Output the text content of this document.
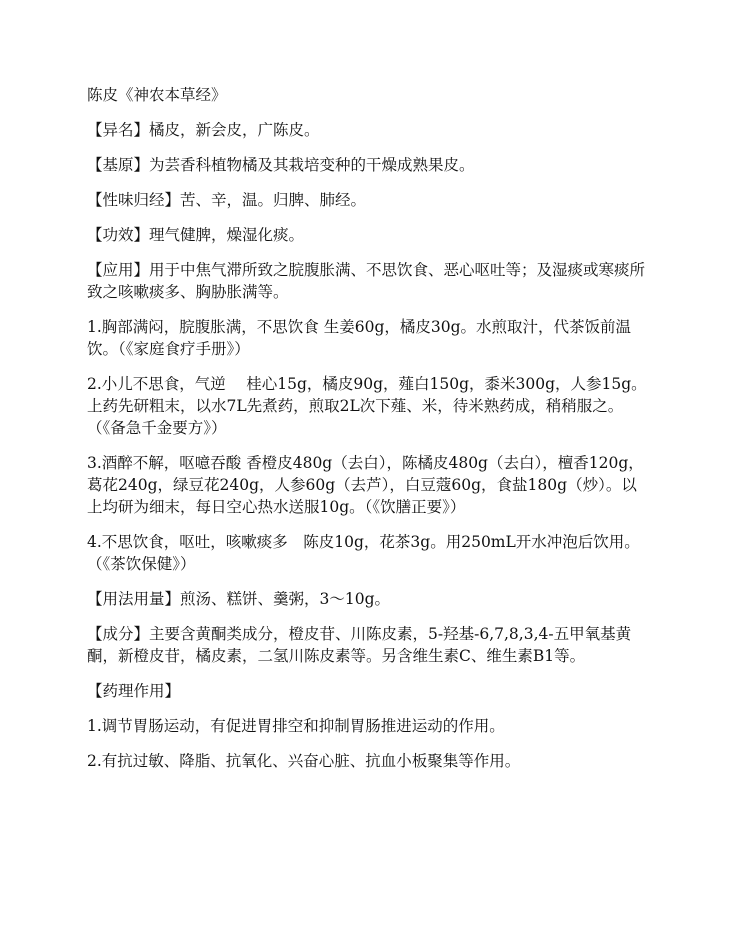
陈皮《神农本草经》

【异名】橘皮，新会皮，广陈皮。

【基原】为芸香科植物橘及其栽培变种的干燥成熟果皮。

【性味归经】苦、辛，温。归脾、肺经。

【功效】理气健脾，燥湿化痰。

【应用】用于中焦气滞所致之脘腹胀满、不思饮食、恶心呕吐等；及湿痰或寒痰所致之咳嗽痰多、胸胁胀满等。

1.胸部满闷，脘腹胀满，不思饮食 生姜60g，橘皮30g。水煎取汁，代茶饭前温饮。（《家庭食疗手册》）

2.小儿不思食，气逆　 桂心15g，橘皮90g，薤白150g，黍米300g，人参15g。上药先研粗末，以水7L先煮药，煎取2L次下薤、米，待米熟药成，稍稍服之。（《备急千金要方》）

3.酒醉不解，呕噫吞酸 香橙皮480g（去白），陈橘皮480g（去白），檀香120g，葛花240g，绿豆花240g，人参60g（去芦），白豆蔻60g，食盐180g（炒）。以上均研为细末，每日空心热水送服10g。（《饮膳正要》）

4.不思饮食，呕吐，咳嗽痰多　陈皮10g，花茶3g。用250mL开水冲泡后饮用。（《茶饮保健》）

【用法用量】煎汤、糕饼、羹粥，3～10g。

【成分】主要含黄酮类成分，橙皮苷、川陈皮素，5-羟基-6,7,8,3,4-五甲氧基黄酮，新橙皮苷，橘皮素，二氢川陈皮素等。另含维生素C、维生素B1等。

【药理作用】

1.调节胃肠运动，有促进胃排空和抑制胃肠推进运动的作用。

2.有抗过敏、降脂、抗氧化、兴奋心脏、抗血小板聚集等作用。
